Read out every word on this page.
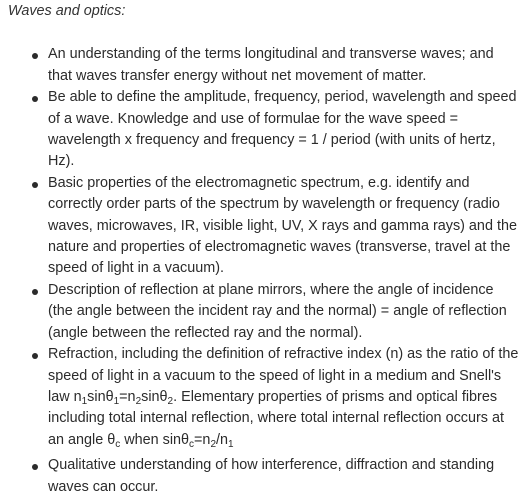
Waves and optics:
An understanding of the terms longitudinal and transverse waves; and that waves transfer energy without net movement of matter.
Be able to define the amplitude, frequency, period, wavelength and speed of a wave. Knowledge and use of formulae for the wave speed = wavelength x frequency and frequency = 1 / period (with units of hertz, Hz).
Basic properties of the electromagnetic spectrum, e.g. identify and correctly order parts of the spectrum by wavelength or frequency (radio waves, microwaves, IR, visible light, UV, X rays and gamma rays) and the nature and properties of electromagnetic waves (transverse, travel at the speed of light in a vacuum).
Description of reflection at plane mirrors, where the angle of incidence (the angle between the incident ray and the normal) = angle of reflection (angle between the reflected ray and the normal).
Refraction, including the definition of refractive index (n) as the ratio of the speed of light in a vacuum to the speed of light in a medium and Snell's law $n_1\sin\theta_1=n_2\sin\theta_2$. Elementary properties of prisms and optical fibres including total internal reflection, where total internal reflection occurs at an angle $\theta_c$ when $\sin\theta_c=n_2/n_1$
Qualitative understanding of how interference, diffraction and standing waves can occur.
